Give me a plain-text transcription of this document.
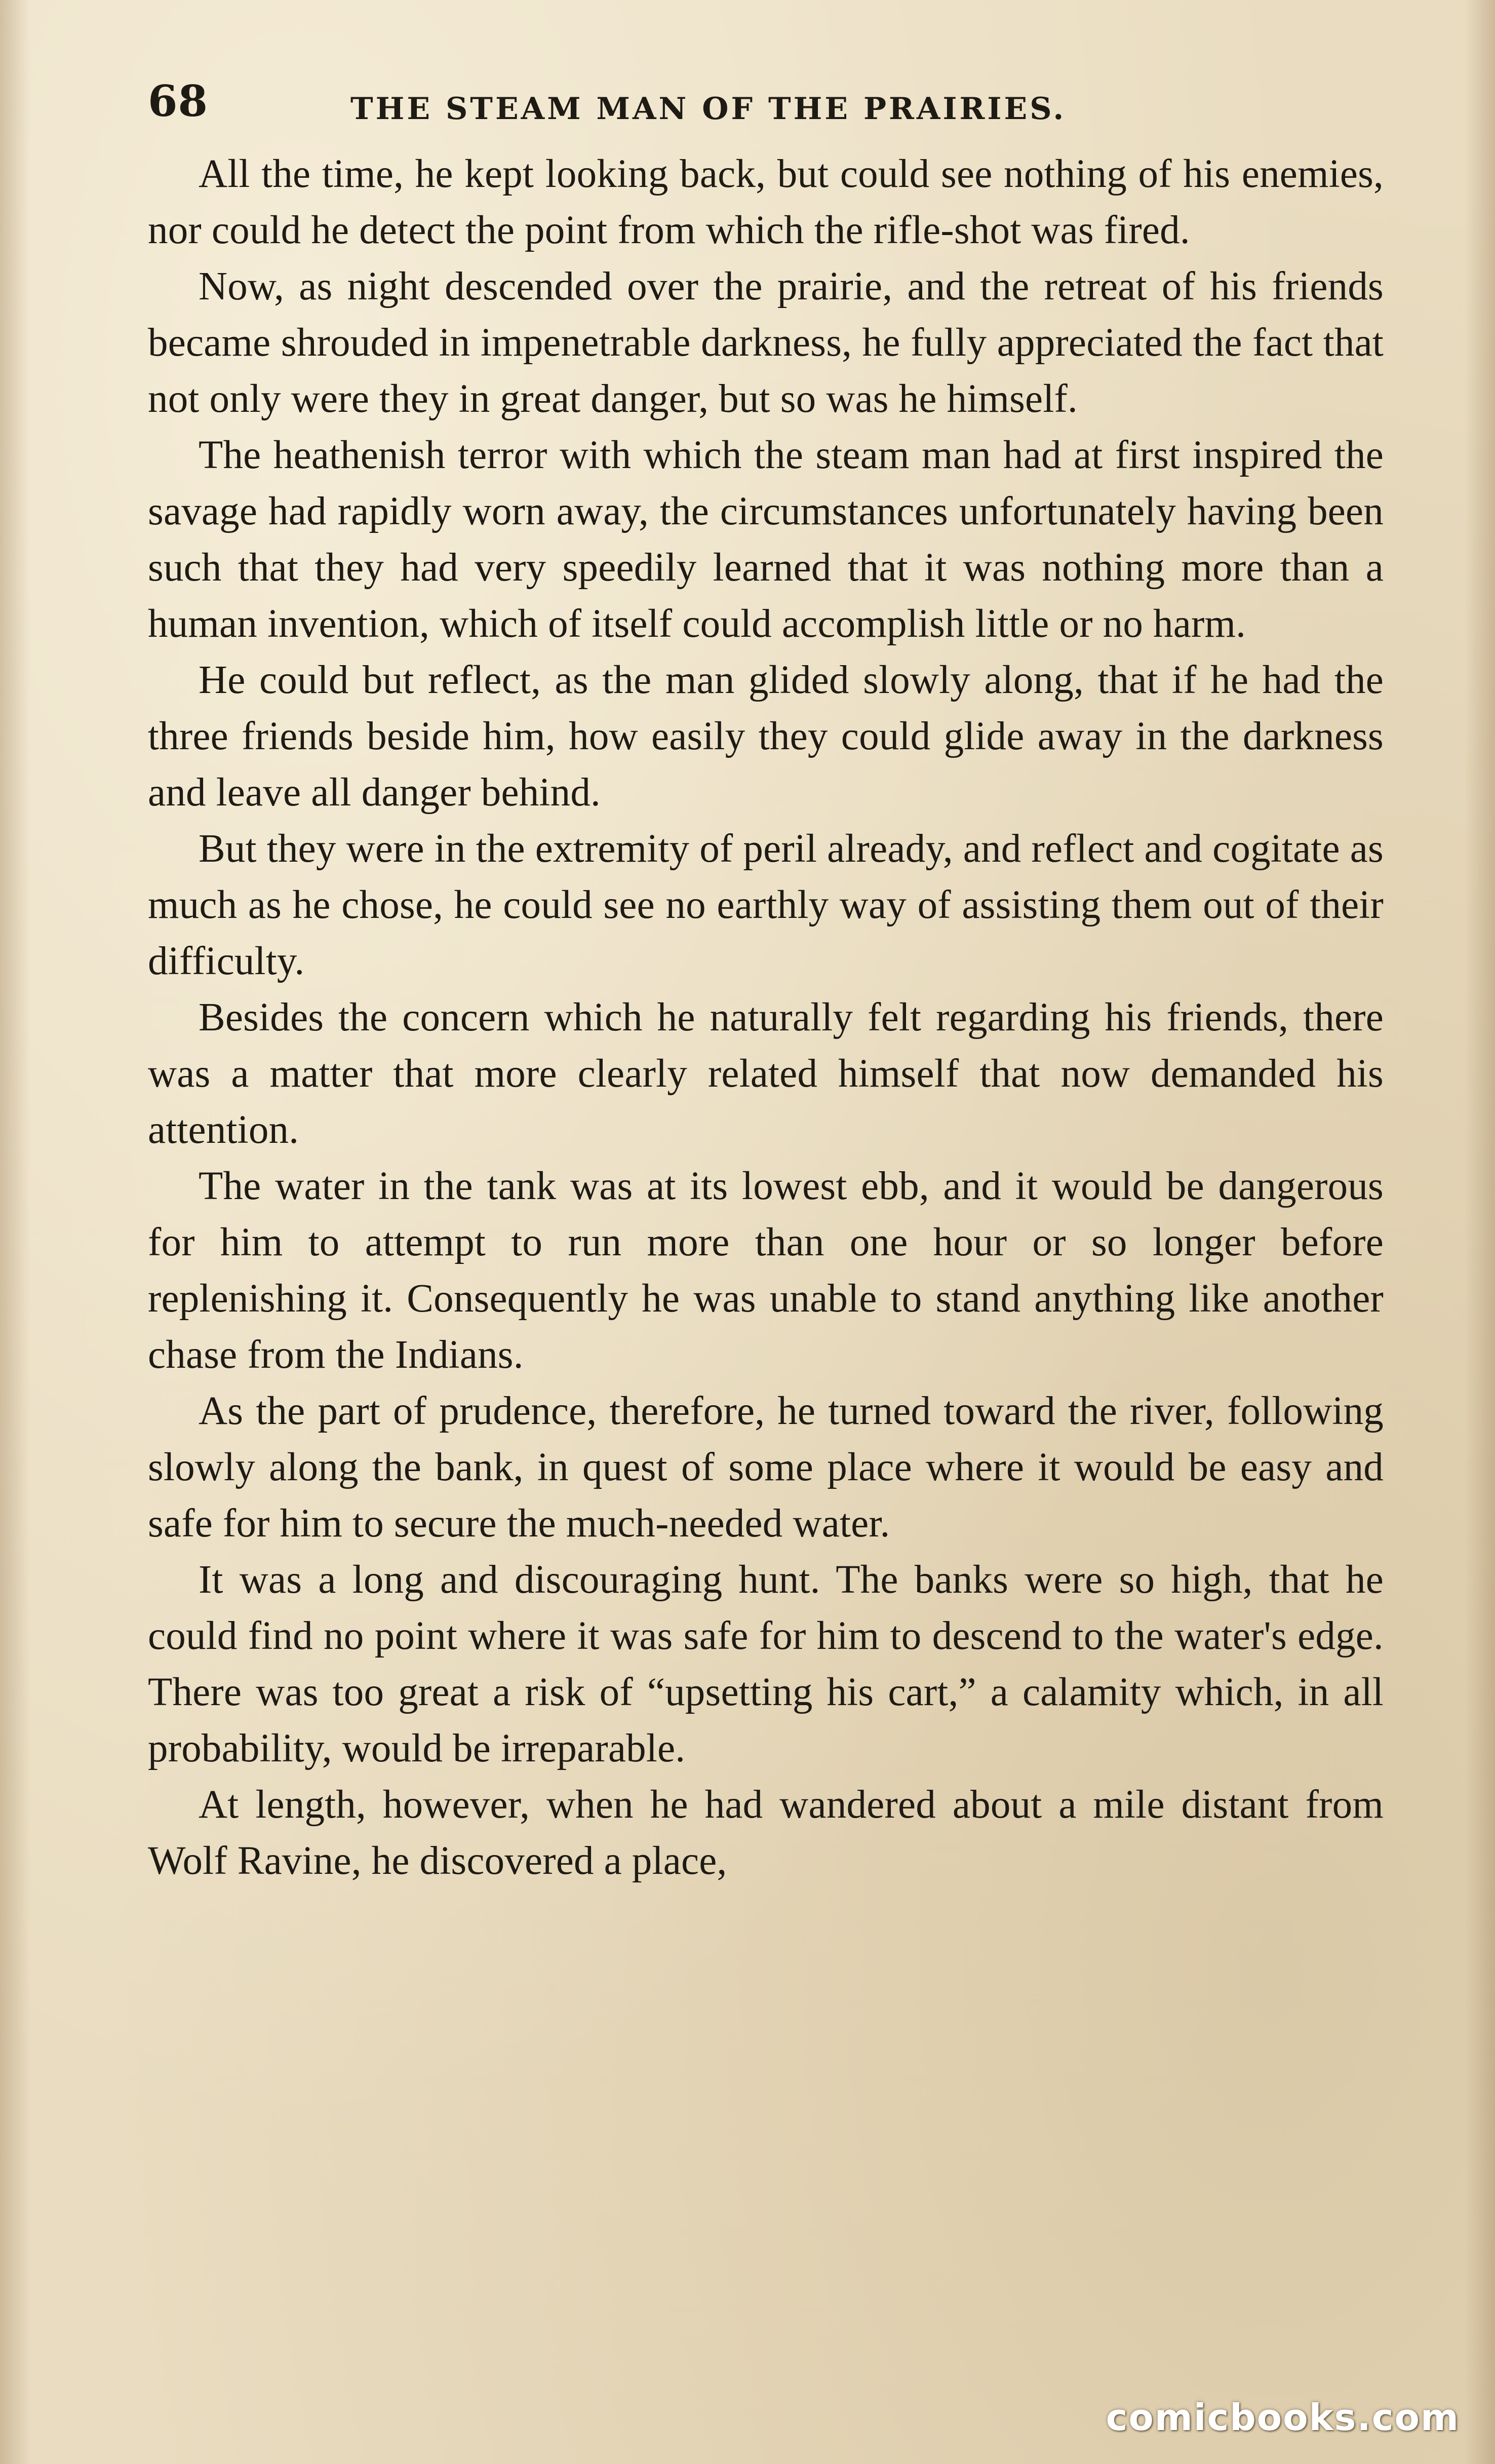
68	THE STEAM MAN OF THE PRAIRIES.

All the time, he kept looking back, but could see nothing of his enemies, nor could he detect the point from which the rifle-shot was fired.

Now, as night descended over the prairie, and the retreat of his friends became shrouded in impenetrable darkness, he fully appreciated the fact that not only were they in great danger, but so was he himself.

The heathenish terror with which the steam man had at first inspired the savage had rapidly worn away, the circumstances unfortunately having been such that they had very speedily learned that it was nothing more than a human invention, which of itself could accomplish little or no harm.

He could but reflect, as the man glided slowly along, that if he had the three friends beside him, how easily they could glide away in the darkness and leave all danger behind.

But they were in the extremity of peril already, and reflect and cogitate as much as he chose, he could see no earthly way of assisting them out of their difficulty.

Besides the concern which he naturally felt regarding his friends, there was a matter that more clearly related himself that now demanded his attention.

The water in the tank was at its lowest ebb, and it would be dangerous for him to attempt to run more than one hour or so longer before replenishing it. Consequently he was unable to stand anything like another chase from the Indians.

As the part of prudence, therefore, he turned toward the river, following slowly along the bank, in quest of some place where it would be easy and safe for him to secure the much-needed water.

It was a long and discouraging hunt. The banks were so high, that he could find no point where it was safe for him to descend to the water's edge. There was too great a risk of “upsetting his cart,” a calamity which, in all probability, would be irreparable.

At length, however, when he had wandered about a mile distant from Wolf Ravine, he discovered a place,

comicbooks.com
